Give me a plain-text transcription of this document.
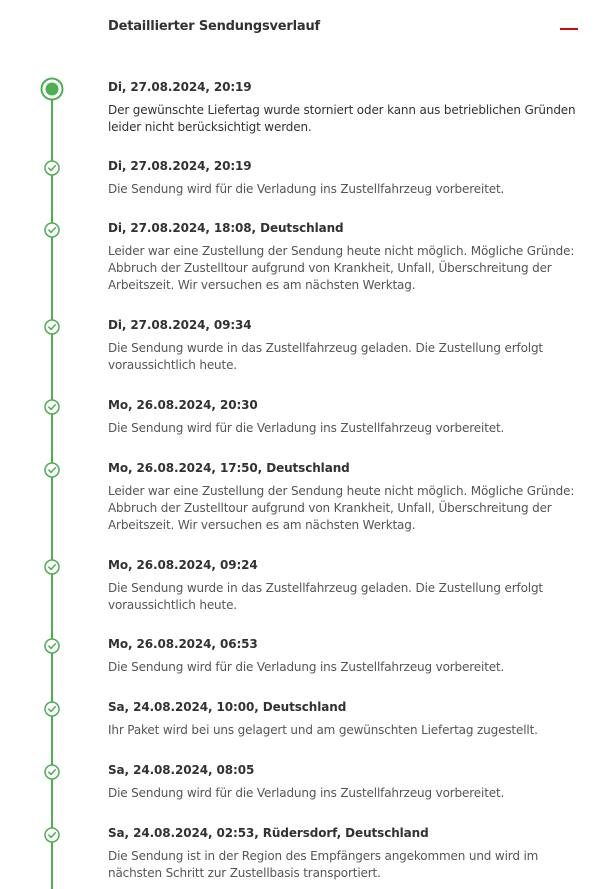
Detaillierter Sendungsverlauf
Di, 27.08.2024, 20:19
Der gewünschte Liefertag wurde storniert oder kann aus betrieblichen Gründen leider nicht berücksichtigt werden.
Di, 27.08.2024, 20:19
Die Sendung wird für die Verladung ins Zustellfahrzeug vorbereitet.
Di, 27.08.2024, 18:08, Deutschland
Leider war eine Zustellung der Sendung heute nicht möglich. Mögliche Gründe: Abbruch der Zustelltour aufgrund von Krankheit, Unfall, Überschreitung der Arbeitszeit. Wir versuchen es am nächsten Werktag.
Di, 27.08.2024, 09:34
Die Sendung wurde in das Zustellfahrzeug geladen. Die Zustellung erfolgt voraussichtlich heute.
Mo, 26.08.2024, 20:30
Die Sendung wird für die Verladung ins Zustellfahrzeug vorbereitet.
Mo, 26.08.2024, 17:50, Deutschland
Leider war eine Zustellung der Sendung heute nicht möglich. Mögliche Gründe: Abbruch der Zustelltour aufgrund von Krankheit, Unfall, Überschreitung der Arbeitszeit. Wir versuchen es am nächsten Werktag.
Mo, 26.08.2024, 09:24
Die Sendung wurde in das Zustellfahrzeug geladen. Die Zustellung erfolgt voraussichtlich heute.
Mo, 26.08.2024, 06:53
Die Sendung wird für die Verladung ins Zustellfahrzeug vorbereitet.
Sa, 24.08.2024, 10:00, Deutschland
Ihr Paket wird bei uns gelagert und am gewünschten Liefertag zugestellt.
Sa, 24.08.2024, 08:05
Die Sendung wird für die Verladung ins Zustellfahrzeug vorbereitet.
Sa, 24.08.2024, 02:53, Rüdersdorf, Deutschland
Die Sendung ist in der Region des Empfängers angekommen und wird im nächsten Schritt zur Zustellbasis transportiert.
